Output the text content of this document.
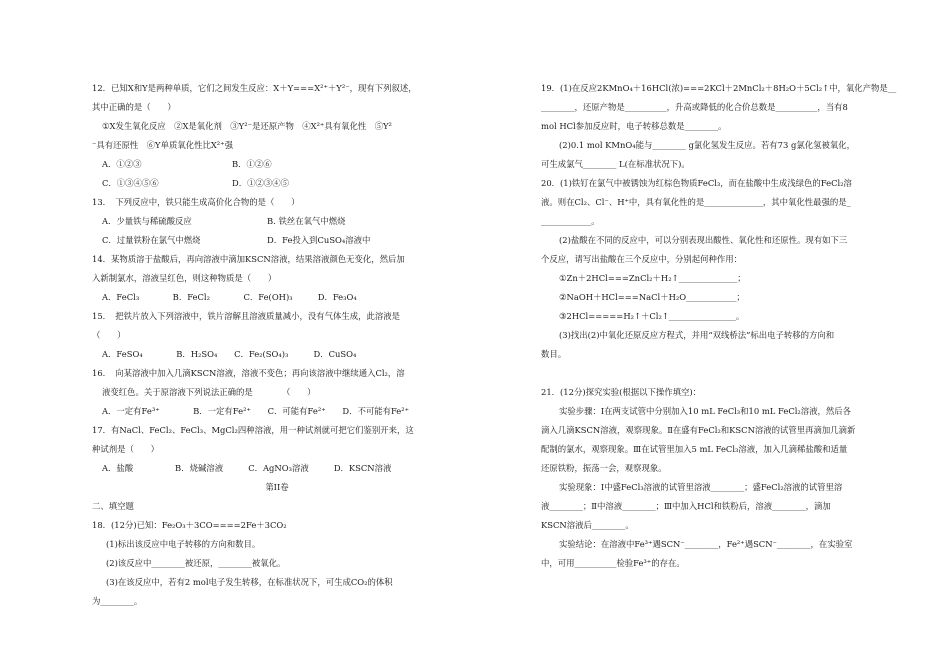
12．已知X和Y是两种单质，它们之间发生反应：X＋Y===X²⁺＋Y²⁻，现有下列叙述，
其中正确的是（　　）
①X发生氧化反应　②X是氧化剂　③Y²⁻是还原产物　④X²⁺具有氧化性　⑤Y²
⁻具有还原性　⑥Y单质氧化性比X²⁺强
A．①②③	B．①②⑥
C．①③④⑤⑥	D．①②③④⑤
13．　下列反应中，铁只能生成高价化合物的是（　　）
A．少量铁与稀硫酸反应	B. 铁丝在氧气中燃烧
C．过量铁粉在氯气中燃烧	D．Fe投入到CuSO₄溶液中
14．某物质溶于盐酸后，再向溶液中滴加KSCN溶液，结果溶液颜色无变化，然后加
入新制氯水，溶液呈红色，则这种物质是（　　）
A．FeCl₃　　　　B．FeCl₂　　　　C．Fe(OH)₃　　　D．Fe₃O₄
15．　把铁片放入下列溶液中，铁片溶解且溶液质量减小，没有气体生成，此溶液是
（　　）
A．FeSO₄　　　　B．H₂SO₄　　C．Fe₂(SO₄)₃　　　D．CuSO₄
16．　向某溶液中加入几滴KSCN溶液，溶液不变色；再向该溶液中继续通入Cl₂，溶
液变红色。关于原溶液下列说法正确的是　　　　（　　）
A．一定有Fe³⁺　　　　B．一定有Fe²⁺　　C．可能有Fe²⁺　　D．不可能有Fe²⁺
17．有NaCl、FeCl₂、FeCl₃、MgCl₂四种溶液，用一种试剂就可把它们鉴别开来，这
种试剂是（　　）
A．盐酸　　　　　B．烧碱溶液　　　C．AgNO₃溶液　　　D．KSCN溶液
第II卷
二、填空题
18．(12分)已知：Fe₂O₃＋3CO====2Fe＋3CO₂
(1)标出该反应中电子转移的方向和数目。
(2)该反应中________被还原，________被氧化。
(3)在该反应中，若有2 mol电子发生转移，在标准状况下，可生成CO₂的体积
为________。
19．(1)在反应2KMnO₄＋16HCl(浓)===2KCl＋2MnCl₂＋8H₂O＋5Cl₂↑中，氧化产物是__
________，还原产物是__________，升高或降低的化合价总数是__________，当有8
mol HCl参加反应时，电子转移总数是________。
(2)0.1 mol KMnO₄能与________ g氯化氢发生反应。若有73 g氯化氢被氧化，
可生成氯气________ L(在标准状况下)。
20．(1)铁钉在氯气中被锈蚀为红棕色物质FeCl₃，而在盐酸中生成浅绿色的FeCl₂溶
液。则在Cl₂、Cl⁻、H⁺中，具有氧化性的是______________，其中氧化性最强的是_
____________。
(2)盐酸在不同的反应中，可以分别表现出酸性、氧化性和还原性。现有如下三
个反应，请写出盐酸在三个反应中，分别起何种作用：
①Zn＋2HCl===ZnCl₂＋H₂↑______________；
②NaOH＋HCl===NaCl＋H₂O____________；
③2HCl=====H₂↑＋Cl₂↑________________。
(3)找出(2)中氧化还原反应方程式，并用“双线桥法”标出电子转移的方向和
数目。
21．(12分)探究实验(根据以下操作填空)：
实验步骤：Ⅰ在两支试管中分别加入10 mL FeCl₃和10 mL FeCl₂溶液，然后各
滴入几滴KSCN溶液，观察现象。Ⅱ在盛有FeCl₂和KSCN溶液的试管里再滴加几滴新
配制的氯水，观察现象。Ⅲ在试管里加入5 mL FeCl₃溶液，加入几滴稀盐酸和适量
还原铁粉，振荡一会，观察现象。
实验现象：Ⅰ中盛FeCl₃溶液的试管里溶液________；盛FeCl₂溶液的试管里溶
液________；Ⅱ中溶液________；Ⅲ中加入HCl和铁粉后，溶液________，滴加
KSCN溶液后________。
实验结论：在溶液中Fe³⁺遇SCN⁻________，Fe²⁺遇SCN⁻________，在实验室
中，可用__________检验Fe³⁺的存在。
